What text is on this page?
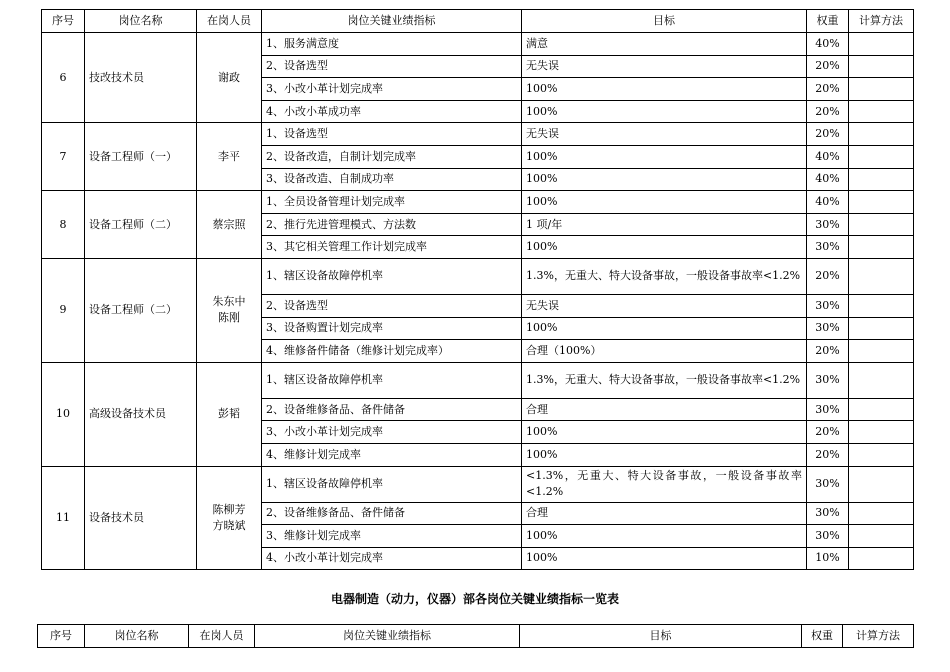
序号	岗位名称	在岗人员	岗位关键业绩指标	目标	权重	计算方法
6	技改技术员	谢政	1、服务满意度	满意	40%	
			2、设备选型	无失误	20%	
			3、小改小革计划完成率	100%	20%	
			4、小改小革成功率	100%	20%	
7	设备工程师（一）	李平	1、设备选型	无失误	20%	
			2、设备改造，自制计划完成率	100%	40%	
			3、设备改造、自制成功率	100%	40%	
8	设备工程师（二）	蔡宗照	1、全员设备管理计划完成率	100%	40%	
			2、推行先进管理模式、方法数	1 项/年	30%	
			3、其它相关管理工作计划完成率	100%	30%	
9	设备工程师（二）	朱东中陈刚	1、辖区设备故障停机率	1.3%，无重大、特大设备事故，一般设备事故率<1.2%	20%	
			2、设备选型	无失误	30%	
			3、设备购置计划完成率	100%	30%	
			4、维修备件储备（维修计划完成率）	合理（100%）	20%	
10	高级设备技术员	彭韬	1、辖区设备故障停机率	1.3%，无重大、特大设备事故，一般设备事故率<1.2%	30%	
			2、设备维修备品、备件储备	合理	30%	
			3、小改小革计划完成率	100%	20%	
			4、维修计划完成率	100%	20%	
11	设备技术员	陈柳芳方晓斌	1、辖区设备故障停机率	<1.3%，无重大、特大设备事故，一般设备事故率<1.2%	30%	
			2、设备维修备品、备件储备	合理	30%	
			3、维修计划完成率	100%	30%	
			4、小改小革计划完成率	100%	10%	
电器制造（动力，仪器）部各岗位关键业绩指标一览表
序号	岗位名称	在岗人员	岗位关键业绩指标	目标	权重	计算方法
